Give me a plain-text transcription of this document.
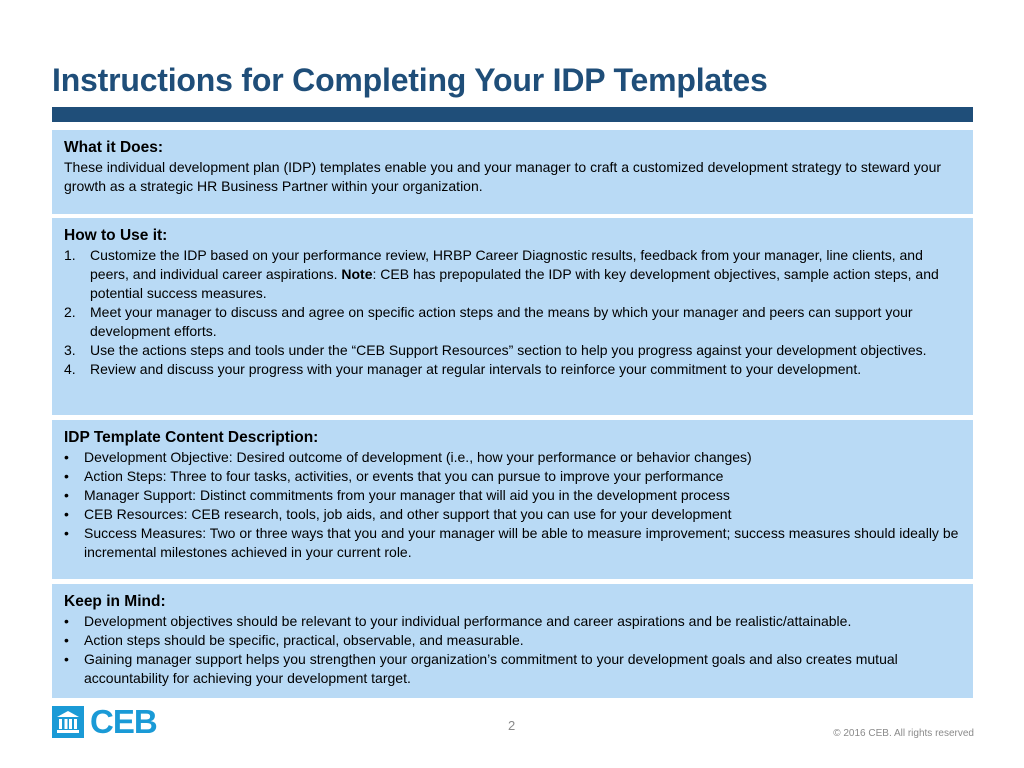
Instructions for Completing Your IDP Templates
What it Does:

These individual development plan (IDP) templates enable you and your manager to craft a customized development strategy to steward your growth as a strategic HR Business Partner within your organization.

How to Use it:
1. Customize the IDP based on your performance review, HRBP Career Diagnostic results, feedback from your manager, line clients, and peers, and individual career aspirations. Note: CEB has prepopulated the IDP with key development objectives, sample action steps, and potential success measures.
2. Meet your manager to discuss and agree on specific action steps and the means by which your manager and peers can support your development efforts.
3. Use the actions steps and tools under the “CEB Support Resources” section to help you progress against your development objectives.
4. Review and discuss your progress with your manager at regular intervals to reinforce your commitment to your development.
IDP Template Content Description:
• Development Objective: Desired outcome of development (i.e., how your performance or behavior changes)
• Action Steps: Three to four tasks, activities, or events that you can pursue to improve your performance
• Manager Support: Distinct commitments from your manager that will aid you in the development process
• CEB Resources: CEB research, tools, job aids, and other support that you can use for your development
• Success Measures: Two or three ways that you and your manager will be able to measure improvement; success measures should ideally be incremental milestones achieved in your current role.
Keep in Mind:
• Development objectives should be relevant to your individual performance and career aspirations and be realistic/attainable.
• Action steps should be specific, practical, observable, and measurable.
• Gaining manager support helps you strengthen your organization’s commitment to your development goals and also creates mutual accountability for achieving your development target.
CEB	2
© 2016 CEB. All rights reserved
